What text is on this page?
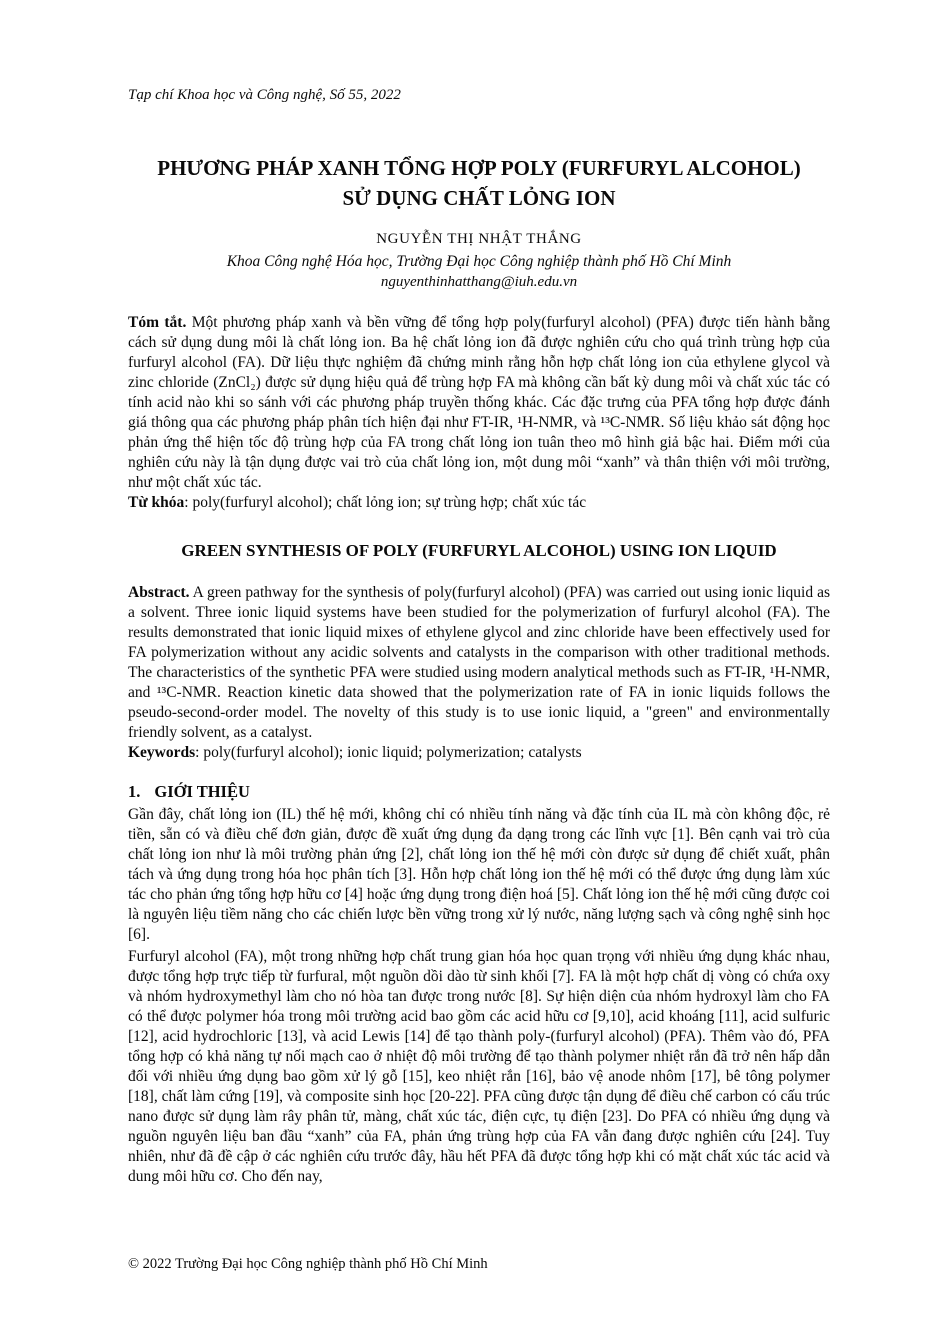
Tạp chí Khoa học và Công nghệ, Số 55, 2022

PHƯƠNG PHÁP XANH TỔNG HỢP POLY (FURFURYL ALCOHOL)
SỬ DỤNG CHẤT LỎNG ION

NGUYỄN THỊ NHẬT THẮNG

Khoa Công nghệ Hóa học, Trường Đại học Công nghiệp thành phố Hồ Chí Minh

nguyenthinhatthang@iuh.edu.vn

Tóm tắt. Một phương pháp xanh và bền vững để tổng hợp poly(furfuryl alcohol) (PFA) được tiến hành bằng cách sử dụng dung môi là chất lỏng ion. Ba hệ chất lỏng ion đã được nghiên cứu cho quá trình trùng hợp của furfuryl alcohol (FA). Dữ liệu thực nghiệm đã chứng minh rằng hỗn hợp chất lỏng ion của ethylene glycol và zinc chloride (ZnCl₂) được sử dụng hiệu quả để trùng hợp FA mà không cần bất kỳ dung môi và chất xúc tác có tính acid nào khi so sánh với các phương pháp truyền thống khác. Các đặc trưng của PFA tổng hợp được đánh giá thông qua các phương pháp phân tích hiện đại như FT-IR, ¹H-NMR, và ¹³C-NMR. Số liệu khảo sát động học phản ứng thể hiện tốc độ trùng hợp của FA trong chất lỏng ion tuân theo mô hình giả bậc hai. Điểm mới của nghiên cứu này là tận dụng được vai trò của chất lỏng ion, một dung môi “xanh” và thân thiện với môi trường, như một chất xúc tác.

Từ khóa: poly(furfuryl alcohol); chất lỏng ion; sự trùng hợp; chất xúc tác

GREEN SYNTHESIS OF POLY (FURFURYL ALCOHOL) USING ION LIQUID

Abstract. A green pathway for the synthesis of poly(furfuryl alcohol) (PFA) was carried out using ionic liquid as a solvent. Three ionic liquid systems have been studied for the polymerization of furfuryl alcohol (FA). The results demonstrated that ionic liquid mixes of ethylene glycol and zinc chloride have been effectively used for FA polymerization without any acidic solvents and catalysts in the comparison with other traditional methods. The characteristics of the synthetic PFA were studied using modern analytical methods such as FT-IR, ¹H-NMR, and ¹³C-NMR. Reaction kinetic data showed that the polymerization rate of FA in ionic liquids follows the pseudo-second-order model. The novelty of this study is to use ionic liquid, a "green" and environmentally friendly solvent, as a catalyst.

Keywords: poly(furfuryl alcohol); ionic liquid; polymerization; catalysts

1. GIỚI THIỆU

Gần đây, chất lỏng ion (IL) thế hệ mới, không chỉ có nhiều tính năng và đặc tính của IL mà còn không độc, rẻ tiền, sẵn có và điều chế đơn giản, được đề xuất ứng dụng đa dạng trong các lĩnh vực [1]. Bên cạnh vai trò của chất lỏng ion như là môi trường phản ứng [2], chất lỏng ion thế hệ mới còn được sử dụng để chiết xuất, phân tách và ứng dụng trong hóa học phân tích [3]. Hỗn hợp chất lỏng ion thế hệ mới có thể được ứng dụng làm xúc tác cho phản ứng tổng hợp hữu cơ [4] hoặc ứng dụng trong điện hoá [5]. Chất lỏng ion thế hệ mới cũng được coi là nguyên liệu tiềm năng cho các chiến lược bền vững trong xử lý nước, năng lượng sạch và công nghệ sinh học [6].

Furfuryl alcohol (FA), một trong những hợp chất trung gian hóa học quan trọng với nhiều ứng dụng khác nhau, được tổng hợp trực tiếp từ furfural, một nguồn dồi dào từ sinh khối [7]. FA là một hợp chất dị vòng có chứa oxy và nhóm hydroxymethyl làm cho nó hòa tan được trong nước [8]. Sự hiện diện của nhóm hydroxyl làm cho FA có thể được polymer hóa trong môi trường acid bao gồm các acid hữu cơ [9,10], acid khoáng [11], acid sulfuric [12], acid hydrochloric [13], và acid Lewis [14] để tạo thành poly-(furfuryl alcohol) (PFA). Thêm vào đó, PFA tổng hợp có khả năng tự nối mạch cao ở nhiệt độ môi trường để tạo thành polymer nhiệt rắn đã trở nên hấp dẫn đối với nhiều ứng dụng bao gồm xử lý gỗ [15], keo nhiệt rắn [16], bảo vệ anode nhôm [17], bê tông polymer [18], chất làm cứng [19], và composite sinh học [20-22]. PFA cũng được tận dụng để điều chế carbon có cấu trúc nano được sử dụng làm rây phân tử, màng, chất xúc tác, điện cực, tụ điện [23]. Do PFA có nhiều ứng dụng và nguồn nguyên liệu ban đầu “xanh” của FA, phản ứng trùng hợp của FA vẫn đang được nghiên cứu [24]. Tuy nhiên, như đã đề cập ở các nghiên cứu trước đây, hầu hết PFA đã được tổng hợp khi có mặt chất xúc tác acid và dung môi hữu cơ. Cho đến nay,

© 2022 Trường Đại học Công nghiệp thành phố Hồ Chí Minh
